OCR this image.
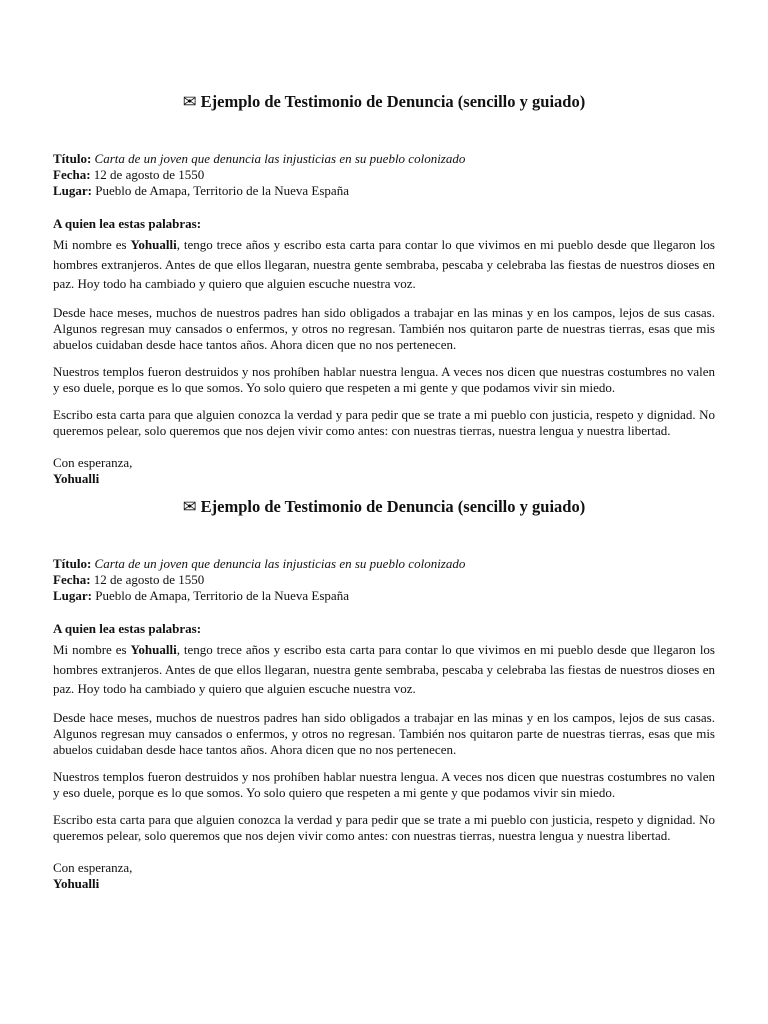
✉ Ejemplo de Testimonio de Denuncia (sencillo y guiado)
Título: Carta de un joven que denuncia las injusticias en su pueblo colonizado
Fecha: 12 de agosto de 1550
Lugar: Pueblo de Amapa, Territorio de la Nueva España
A quien lea estas palabras:

Mi nombre es Yohualli, tengo trece años y escribo esta carta para contar lo que vivimos en mi pueblo desde que llegaron los hombres extranjeros. Antes de que ellos llegaran, nuestra gente sembraba, pescaba y celebraba las fiestas de nuestros dioses en paz. Hoy todo ha cambiado y quiero que alguien escuche nuestra voz.

Desde hace meses, muchos de nuestros padres han sido obligados a trabajar en las minas y en los campos, lejos de sus casas. Algunos regresan muy cansados o enfermos, y otros no regresan. También nos quitaron parte de nuestras tierras, esas que mis abuelos cuidaban desde hace tantos años. Ahora dicen que no nos pertenecen.

Nuestros templos fueron destruidos y nos prohíben hablar nuestra lengua. A veces nos dicen que nuestras costumbres no valen y eso duele, porque es lo que somos. Yo solo quiero que respeten a mi gente y que podamos vivir sin miedo.

Escribo esta carta para que alguien conozca la verdad y para pedir que se trate a mi pueblo con justicia, respeto y dignidad. No queremos pelear, solo queremos que nos dejen vivir como antes: con nuestras tierras, nuestra lengua y nuestra libertad.

Con esperanza,
Yohualli
✉ Ejemplo de Testimonio de Denuncia (sencillo y guiado)
Título: Carta de un joven que denuncia las injusticias en su pueblo colonizado
Fecha: 12 de agosto de 1550
Lugar: Pueblo de Amapa, Territorio de la Nueva España
A quien lea estas palabras:

Mi nombre es Yohualli, tengo trece años y escribo esta carta para contar lo que vivimos en mi pueblo desde que llegaron los hombres extranjeros. Antes de que ellos llegaran, nuestra gente sembraba, pescaba y celebraba las fiestas de nuestros dioses en paz. Hoy todo ha cambiado y quiero que alguien escuche nuestra voz.

Desde hace meses, muchos de nuestros padres han sido obligados a trabajar en las minas y en los campos, lejos de sus casas. Algunos regresan muy cansados o enfermos, y otros no regresan. También nos quitaron parte de nuestras tierras, esas que mis abuelos cuidaban desde hace tantos años. Ahora dicen que no nos pertenecen.

Nuestros templos fueron destruidos y nos prohíben hablar nuestra lengua. A veces nos dicen que nuestras costumbres no valen y eso duele, porque es lo que somos. Yo solo quiero que respeten a mi gente y que podamos vivir sin miedo.

Escribo esta carta para que alguien conozca la verdad y para pedir que se trate a mi pueblo con justicia, respeto y dignidad. No queremos pelear, solo queremos que nos dejen vivir como antes: con nuestras tierras, nuestra lengua y nuestra libertad.

Con esperanza,
Yohualli
